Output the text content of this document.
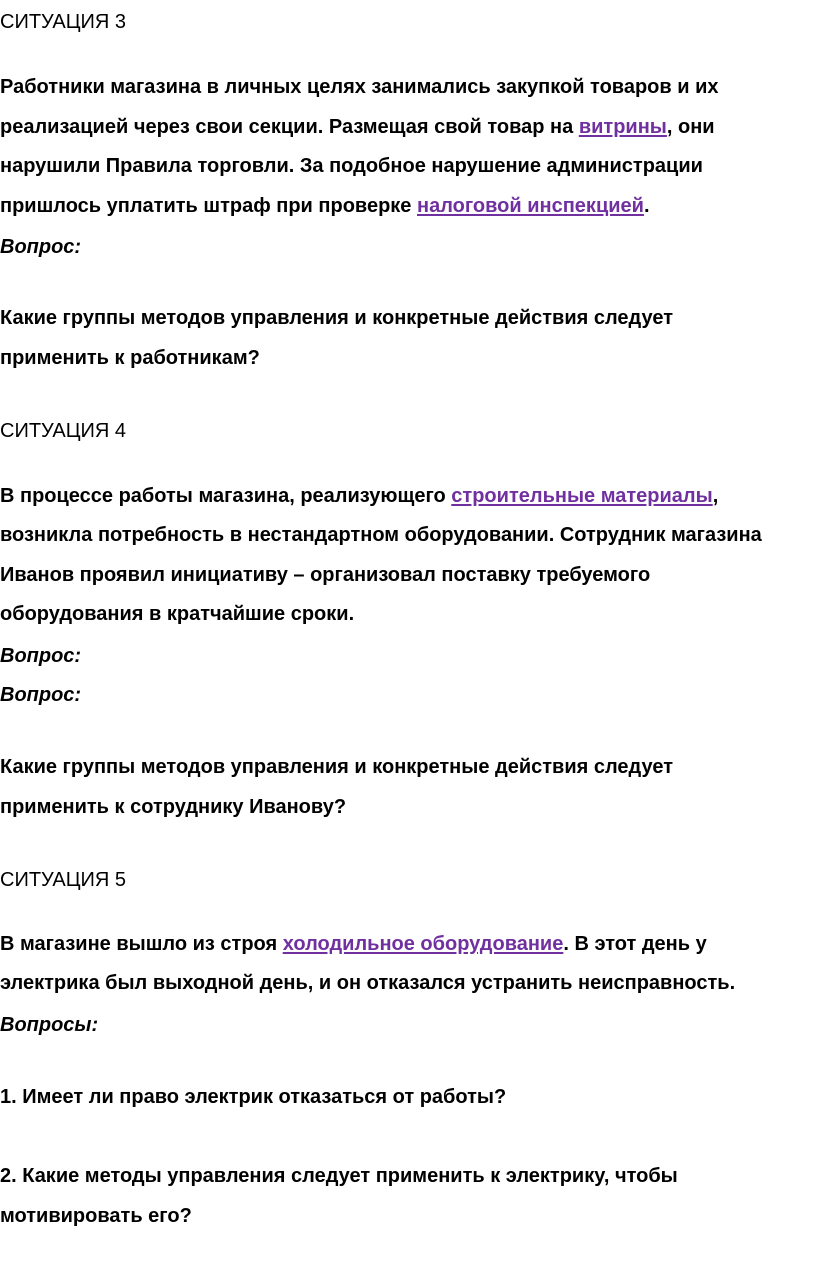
СИТУАЦИЯ 3
Работники магазина в личных целях занимались закупкой товаров и их
реализацией через свои секции. Размещая свой товар на витрины, они
нарушили Правила торговли. За подобное нарушение администрации
пришлось уплатить штраф при проверке налоговой инспекцией.
Вопрос:
Какие группы методов управления и конкретные действия следует
применить к работникам?
СИТУАЦИЯ 4
В процессе работы магазина, реализующего строительные материалы,
возникла потребность в нестандартном оборудовании. Сотрудник магазина
Иванов проявил инициативу – организовал поставку требуемого
оборудования в кратчайшие сроки.
Вопрос:
Вопрос:
Какие группы методов управления и конкретные действия следует
применить к сотруднику Иванову?
СИТУАЦИЯ 5
В магазине вышло из строя холодильное оборудование. В этот день у
электрика был выходной день, и он отказался устранить неисправность.
Вопросы:
1. Имеет ли право электрик отказаться от работы?
2. Какие методы управления следует применить к электрику, чтобы
мотивировать его?
